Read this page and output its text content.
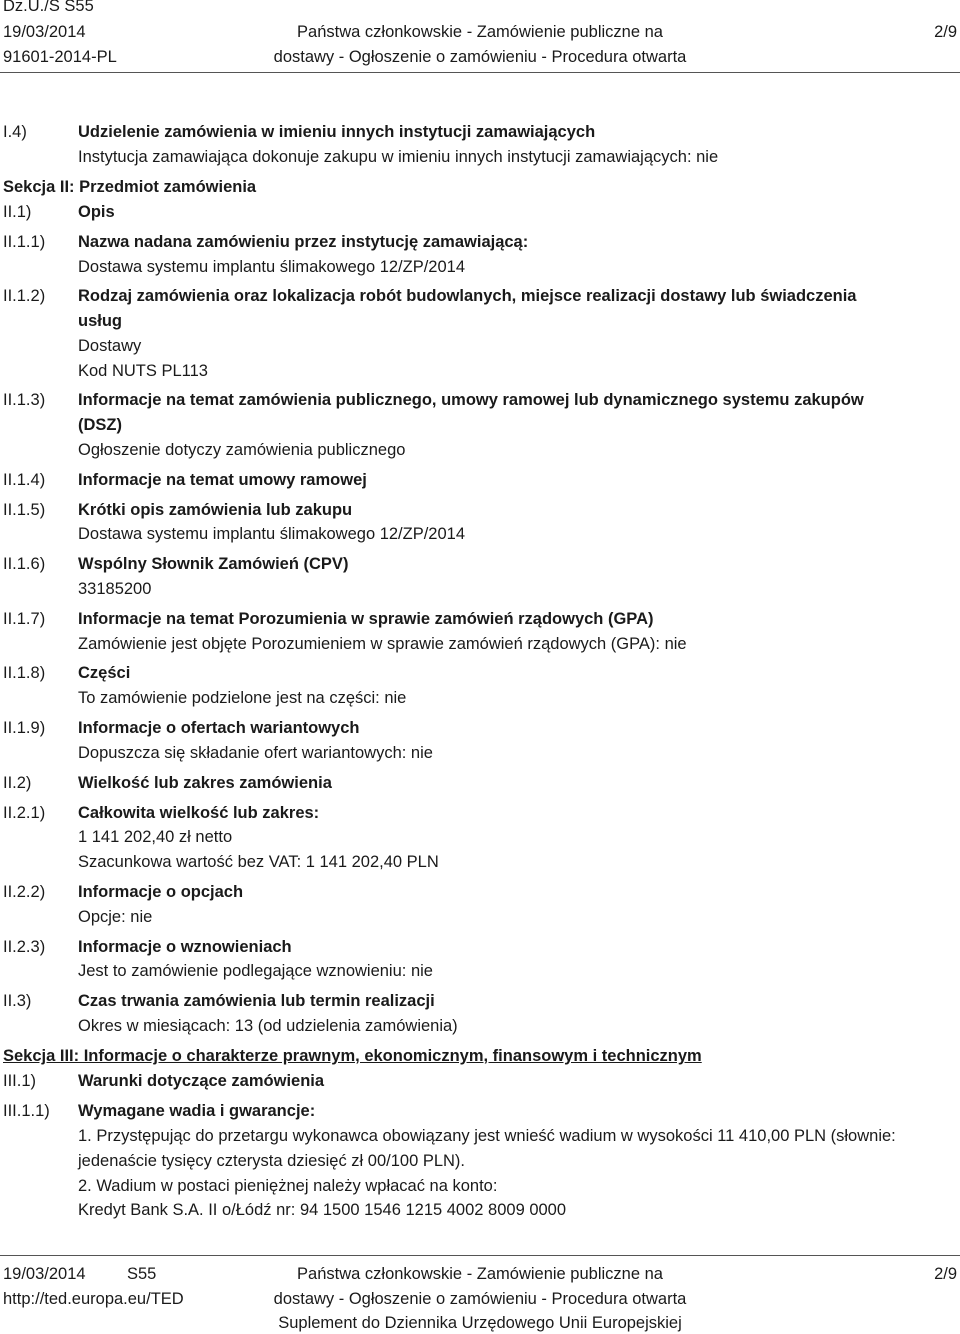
Dz.U./S S55
19/03/2014
91601-2014-PL
Państwa członkowskie - Zamówienie publiczne na
dostawy - Ogłoszenie o zamówieniu - Procedura otwarta
2/9
I.4)	Udzielenie zamówienia w imieniu innych instytucji zamawiających
Instytucja zamawiająca dokonuje zakupu w imieniu innych instytucji zamawiających: nie
Sekcja II: Przedmiot zamówienia
II.1)	Opis
II.1.1) Nazwa nadana zamówieniu przez instytucję zamawiającą:
Dostawa systemu implantu ślimakowego 12/ZP/2014
II.1.2) Rodzaj zamówienia oraz lokalizacja robót budowlanych, miejsce realizacji dostawy lub świadczenia
usług
Dostawy
Kod NUTS PL113
II.1.3) Informacje na temat zamówienia publicznego, umowy ramowej lub dynamicznego systemu zakupów
(DSZ)
Ogłoszenie dotyczy zamówienia publicznego
II.1.4) Informacje na temat umowy ramowej
II.1.5) Krótki opis zamówienia lub zakupu
Dostawa systemu implantu ślimakowego 12/ZP/2014
II.1.6) Wspólny Słownik Zamówień (CPV)
33185200
II.1.7) Informacje na temat Porozumienia w sprawie zamówień rządowych (GPA)
Zamówienie jest objęte Porozumieniem w sprawie zamówień rządowych (GPA): nie
II.1.8) Części
To zamówienie podzielone jest na części: nie
II.1.9) Informacje o ofertach wariantowych
Dopuszcza się składanie ofert wariantowych: nie
II.2)	Wielkość lub zakres zamówienia
II.2.1) Całkowita wielkość lub zakres:
1 141 202,40 zł netto
Szacunkowa wartość bez VAT: 1 141 202,40 PLN
II.2.2) Informacje o opcjach
Opcje: nie
II.2.3) Informacje o wznowieniach
Jest to zamówienie podlegające wznowieniu: nie
II.3)	Czas trwania zamówienia lub termin realizacji
Okres w miesiącach: 13 (od udzielenia zamówienia)
Sekcja III: Informacje o charakterze prawnym, ekonomicznym, finansowym i technicznym
III.1)	Warunki dotyczące zamówienia
III.1.1) Wymagane wadia i gwarancje:
1. Przystępując do przetargu wykonawca obowiązany jest wnieść wadium w wysokości 11 410,00 PLN (słownie:
jedenaście tysięcy czterysta dziesięć zł 00/100 PLN).
2. Wadium w postaci pieniężnej należy wpłacać na konto:
Kredyt Bank S.A. II o/Łódź nr: 94 1500 1546 1215 4002 8009 0000
19/03/2014	S55
http://ted.europa.eu/TED
Państwa członkowskie - Zamówienie publiczne na
dostawy - Ogłoszenie o zamówieniu - Procedura otwarta
Suplement do Dziennika Urzędowego Unii Europejskiej
2/9
